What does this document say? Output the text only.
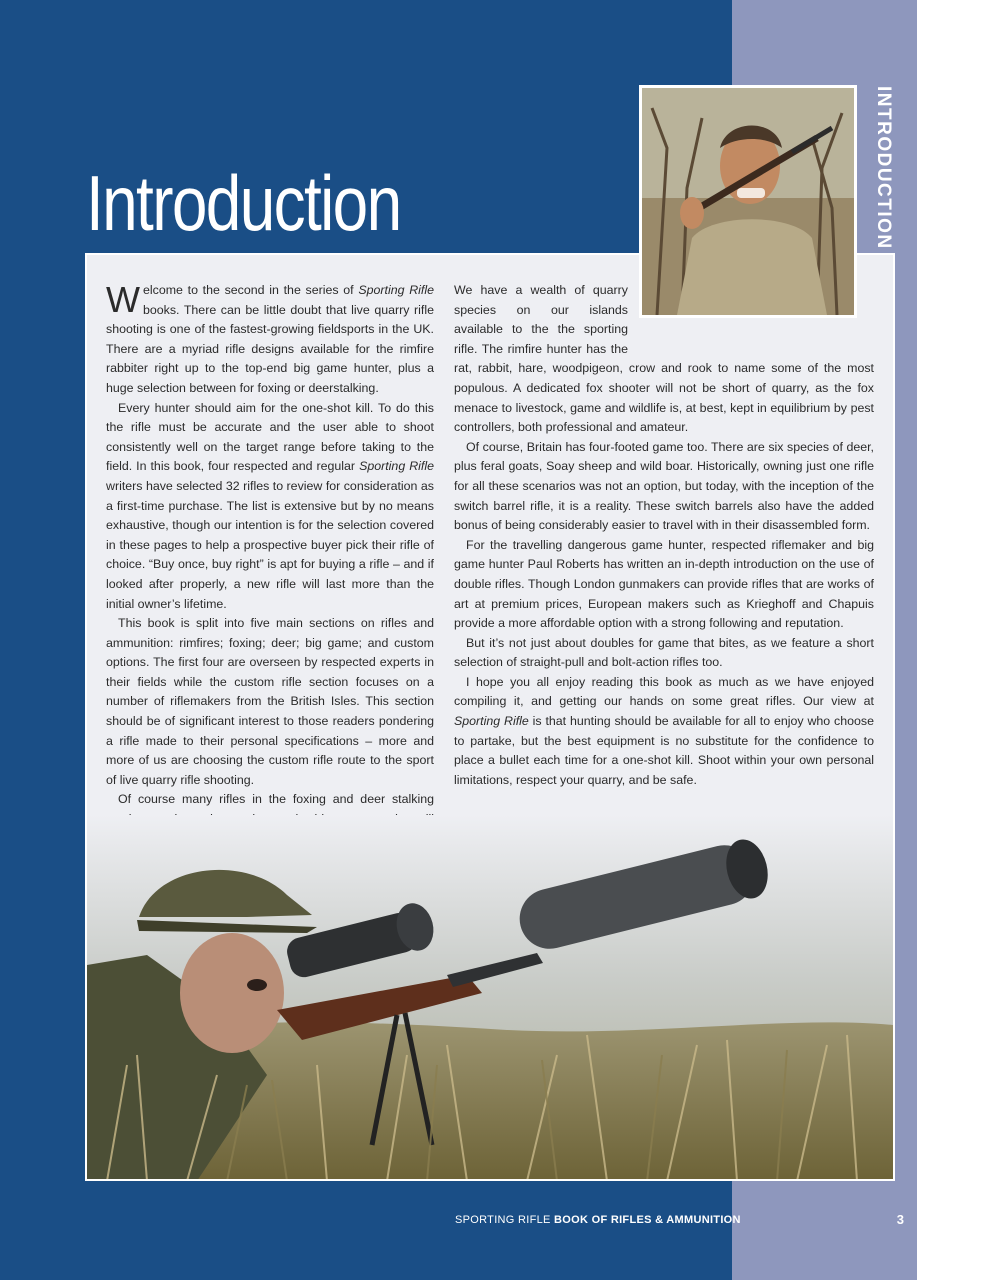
INTRODUCTION
Introduction

Welcome to the second in the series of Sporting Rifle books. There can be little doubt that live quarry rifle shooting is one of the fastest-growing fieldsports in the UK. There are a myriad rifle designs available for the rimfire rabbiter right up to the top-end big game hunter, plus a huge selection between for foxing or deerstalking.

Every hunter should aim for the one-shot kill. To do this the rifle must be accurate and the user able to shoot consistently well on the target range before taking to the field. In this book, four respected and regular Sporting Rifle writers have selected 32 rifles to review for consideration as a first-time purchase. The list is extensive but by no means exhaustive, though our intention is for the selection covered in these pages to help a prospective buyer pick their rifle of choice. “Buy once, buy right” is apt for buying a rifle – and if looked after properly, a new rifle will last more than the initial owner’s lifetime.

This book is split into five main sections on rifles and ammunition: rimfires; foxing; deer; big game; and custom options. The first four are overseen by respected experts in their fields while the custom rifle section focuses on a number of riflemakers from the British Isles. This section should be of significant interest to those readers pondering a rifle made to their personal specifications – more and more of us are choosing the custom rifle route to the sport of live quarry rifle shooting.

Of course many rifles in the foxing and deer stalking

We have a wealth of quarry species on our islands available to the the sporting rifle. The rimfire hunter has the rat, rabbit, hare, woodpigeon, crow and rook to name some of the most populous. A dedicated fox shooter will not be short of quarry, as the fox menace to livestock, game and wildlife is, at best, kept in equilibrium by pest controllers, both professional and amateur.

Of course, Britain has four-footed game too. There are six species of deer, plus feral goats, Soay sheep and wild boar. Historically, owning just one rifle for all these scenarios was not an option, but today, with the inception of the switch barrel rifle, it is a reality. These switch barrels also have the added bonus of being considerably easier to travel with in their disassembled form.

For the travelling dangerous game hunter, respected riflemaker and big game hunter Paul Roberts has written an in-depth introduction on the use of double rifles. Though London gunmakers can provide rifles that are works of art at premium prices, European makers such as Krieghoff and Chapuis provide a more affordable option with a strong following and reputation.

But it’s not just about doubles for game that bites, as we feature a short selection of straight-pull and bolt-action rifles too.

I hope you all enjoy reading this book as much as we have enjoyed compiling it, and getting our hands on some great rifles. Our view at Sporting Rifle is that hunting should be available for all to enjoy who choose to partake, but the best equipment is no substitute for the confidence to place a bullet each time for a one-shot kill. Shoot within your own personal limitations, respect your quarry, and be safe.

SPORTING RIFLE BOOK OF RIFLES & AMMUNITION	3
